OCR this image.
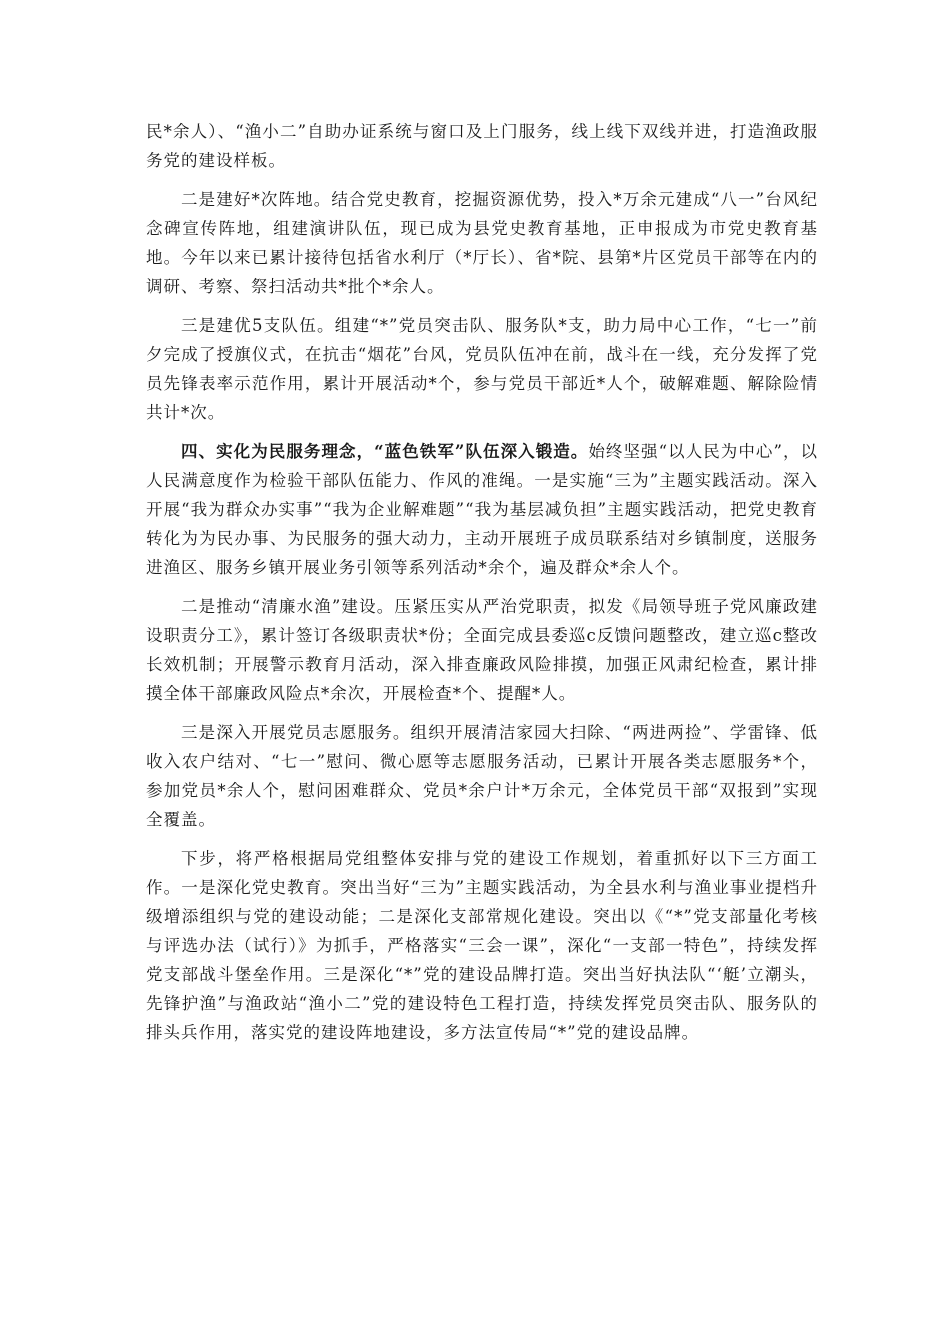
民*余人）、“渔小二”自助办证系统与窗口及上门服务，线上线下双线并进，打造渔政服务党的建设样板。

二是建好*次阵地。结合党史教育，挖掘资源优势，投入*万余元建成“八一”台风纪念碑宣传阵地，组建演讲队伍，现已成为县党史教育基地，正申报成为市党史教育基地。今年以来已累计接待包括省水利厅（*厅长）、省*院、县第*片区党员干部等在内的调研、考察、祭扫活动共*批个*余人。

三是建优5支队伍。组建“*”党员突击队、服务队*支，助力局中心工作，“七一”前夕完成了授旗仪式，在抗击“烟花”台风，党员队伍冲在前，战斗在一线，充分发挥了党员先锋表率示范作用，累计开展活动*个，参与党员干部近*人个，破解难题、解除险情共计*次。

四、实化为民服务理念，“蓝色铁军”队伍深入锻造。始终坚强“以人民为中心”，以人民满意度作为检验干部队伍能力、作风的准绳。一是实施“三为”主题实践活动。深入开展“我为群众办实事”“我为企业解难题”“我为基层减负担”主题实践活动，把党史教育转化为为民办事、为民服务的强大动力，主动开展班子成员联系结对乡镇制度，送服务进渔区、服务乡镇开展业务引领等系列活动*余个，遍及群众*余人个。

二是推动“清廉水渔”建设。压紧压实从严治党职责，拟发《局领导班子党风廉政建设职责分工》，累计签订各级职责状*份；全面完成县委巡c反馈问题整改，建立巡c整改长效机制；开展警示教育月活动，深入排查廉政风险排摸，加强正风肃纪检查，累计排摸全体干部廉政风险点*余次，开展检查*个、提醒*人。

三是深入开展党员志愿服务。组织开展清洁家园大扫除、“两进两捡”、学雷锋、低收入农户结对、“七一”慰问、微心愿等志愿服务活动，已累计开展各类志愿服务*个，参加党员*余人个，慰问困难群众、党员*余户计*万余元，全体党员干部“双报到”实现全覆盖。

下步，将严格根据局党组整体安排与党的建设工作规划，着重抓好以下三方面工作。一是深化党史教育。突出当好“三为”主题实践活动，为全县水利与渔业事业提档升级增添组织与党的建设动能；二是深化支部常规化建设。突出以《“*”党支部量化考核与评选办法（试行）》为抓手，严格落实“三会一课”，深化“一支部一特色”，持续发挥党支部战斗堡垒作用。三是深化“*”党的建设品牌打造。突出当好执法队“‘艇’立潮头，先锋护渔”与渔政站“渔小二”党的建设特色工程打造，持续发挥党员突击队、服务队的排头兵作用，落实党的建设阵地建设，多方法宣传局“*”党的建设品牌。
